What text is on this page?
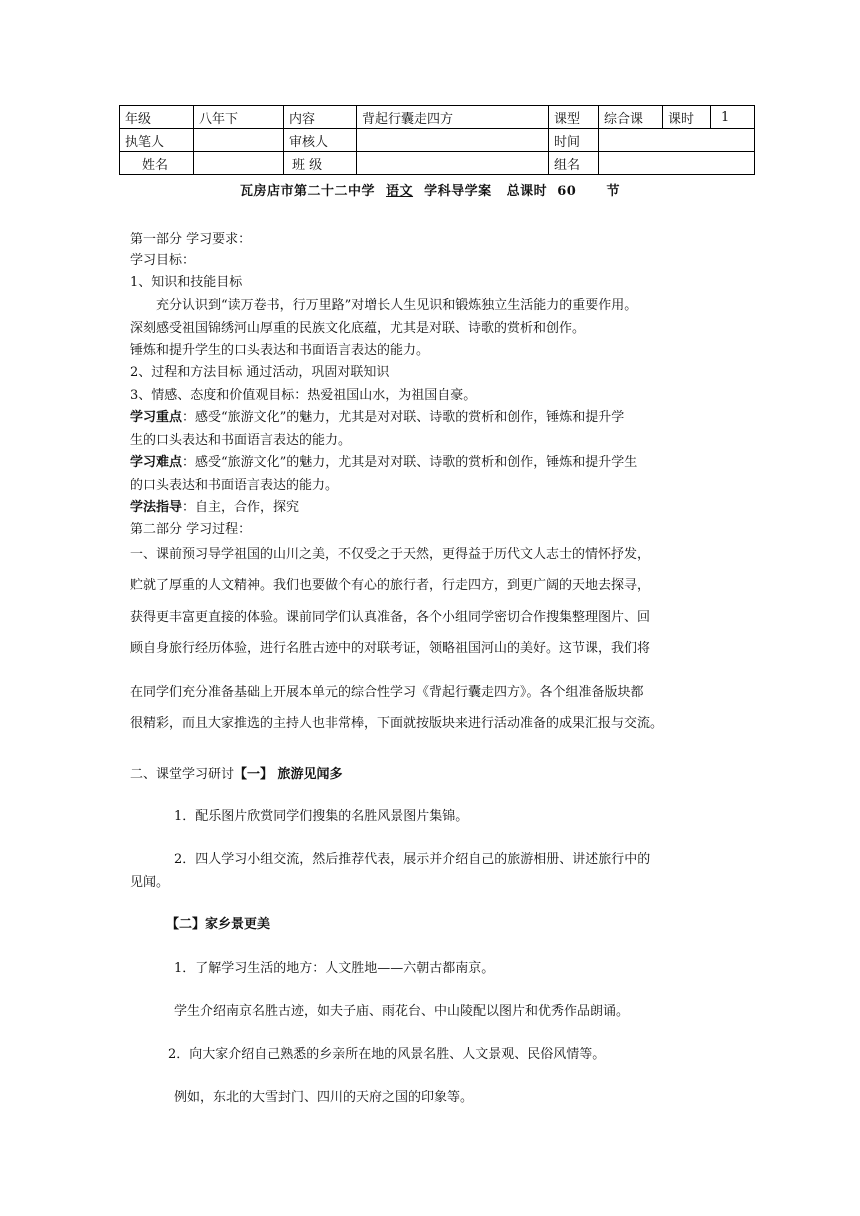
年级	八年下	内容	背起行囊走四方	课型	综合课	课时	1
执笔人		审核人		时间			
姓名		班 级		组名			
瓦房店市第二十二中学 语文 学科导学案 总课时 60 节
第一部分 学习要求：
学习目标：
1、知识和技能目标
充分认识到“读万卷书，行万里路”对增长人生见识和锻炼独立生活能力的重要作用。
深刻感受祖国锦绣河山厚重的民族文化底蕴，尤其是对联、诗歌的赏析和创作。
锤炼和提升学生的口头表达和书面语言表达的能力。
2、过程和方法目标 通过活动，巩固对联知识
3、情感、态度和价值观目标：热爱祖国山水，为祖国自豪。
学习重点：感受“旅游文化”的魅力，尤其是对对联、诗歌的赏析和创作，锤炼和提升学
生的口头表达和书面语言表达的能力。
学习难点：感受“旅游文化”的魅力，尤其是对对联、诗歌的赏析和创作，锤炼和提升学生
的口头表达和书面语言表达的能力。
学法指导：自主，合作，探究
第二部分 学习过程：
一、课前预习导学祖国的山川之美，不仅受之于天然，更得益于历代文人志士的情怀抒发，
贮就了厚重的人文精神。我们也要做个有心的旅行者，行走四方，到更广阔的天地去探寻，
获得更丰富更直接的体验。课前同学们认真准备，各个小组同学密切合作搜集整理图片、回
顾自身旅行经历体验，进行名胜古迹中的对联考证，领略祖国河山的美好。这节课，我们将
在同学们充分准备基础上开展本单元的综合性学习《背起行囊走四方》。各个组准备版块都
很精彩，而且大家推选的主持人也非常棒，下面就按版块来进行活动准备的成果汇报与交流。
二、课堂学习研讨【一】 旅游见闻多
1．配乐图片欣赏同学们搜集的名胜风景图片集锦。
2．四人学习小组交流，然后推荐代表，展示并介绍自己的旅游相册、讲述旅行中的
见闻。
【二】家乡景更美
1．了解学习生活的地方：人文胜地——六朝古都南京。
学生介绍南京名胜古迹，如夫子庙、雨花台、中山陵配以图片和优秀作品朗诵。
2．向大家介绍自己熟悉的乡亲所在地的风景名胜、人文景观、民俗风情等。
例如，东北的大雪封门、四川的天府之国的印象等。
